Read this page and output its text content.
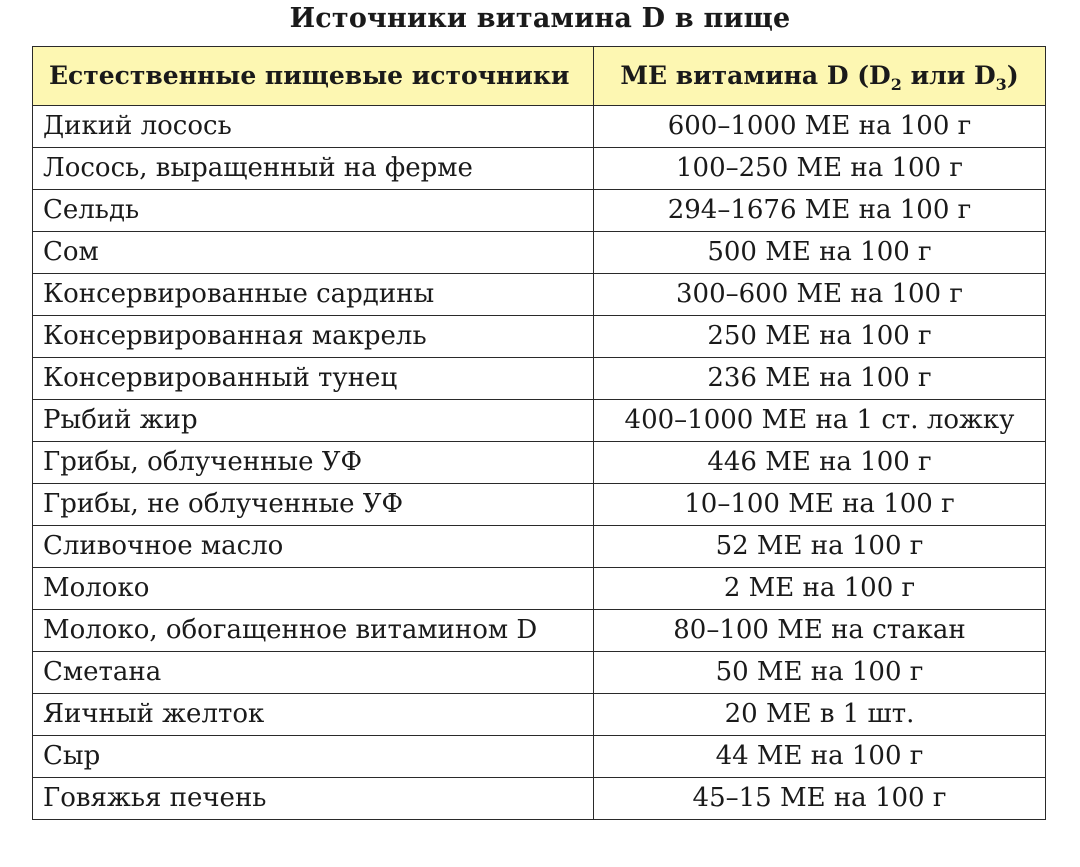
Источники витамина D в пище
Естественные пищевые источники	МЕ витамина D ($D_2$ или $D_3$)
Дикий лосось	600–1000 МЕ на 100 г
Лосось, выращенный на ферме	100–250 МЕ на 100 г
Сельдь	294–1676 МЕ на 100 г
Сом	500 МЕ на 100 г
Консервированные сардины	300–600 МЕ на 100 г
Консервированная макрель	250 МЕ на 100 г
Консервированный тунец	236 МЕ на 100 г
Рыбий жир	400–1000 МЕ на 1 ст. ложку
Грибы, облученные УФ	446 МЕ на 100 г
Грибы, не облученные УФ	10–100 МЕ на 100 г
Сливочное масло	52 МЕ на 100 г
Молоко	2 МЕ на 100 г
Молоко, обогащенное витамином D	80–100 МЕ на стакан
Сметана	50 МЕ на 100 г
Яичный желток	20 МЕ в 1 шт.
Сыр	44 МЕ на 100 г
Говяжья печень	45–15 МЕ на 100 г
